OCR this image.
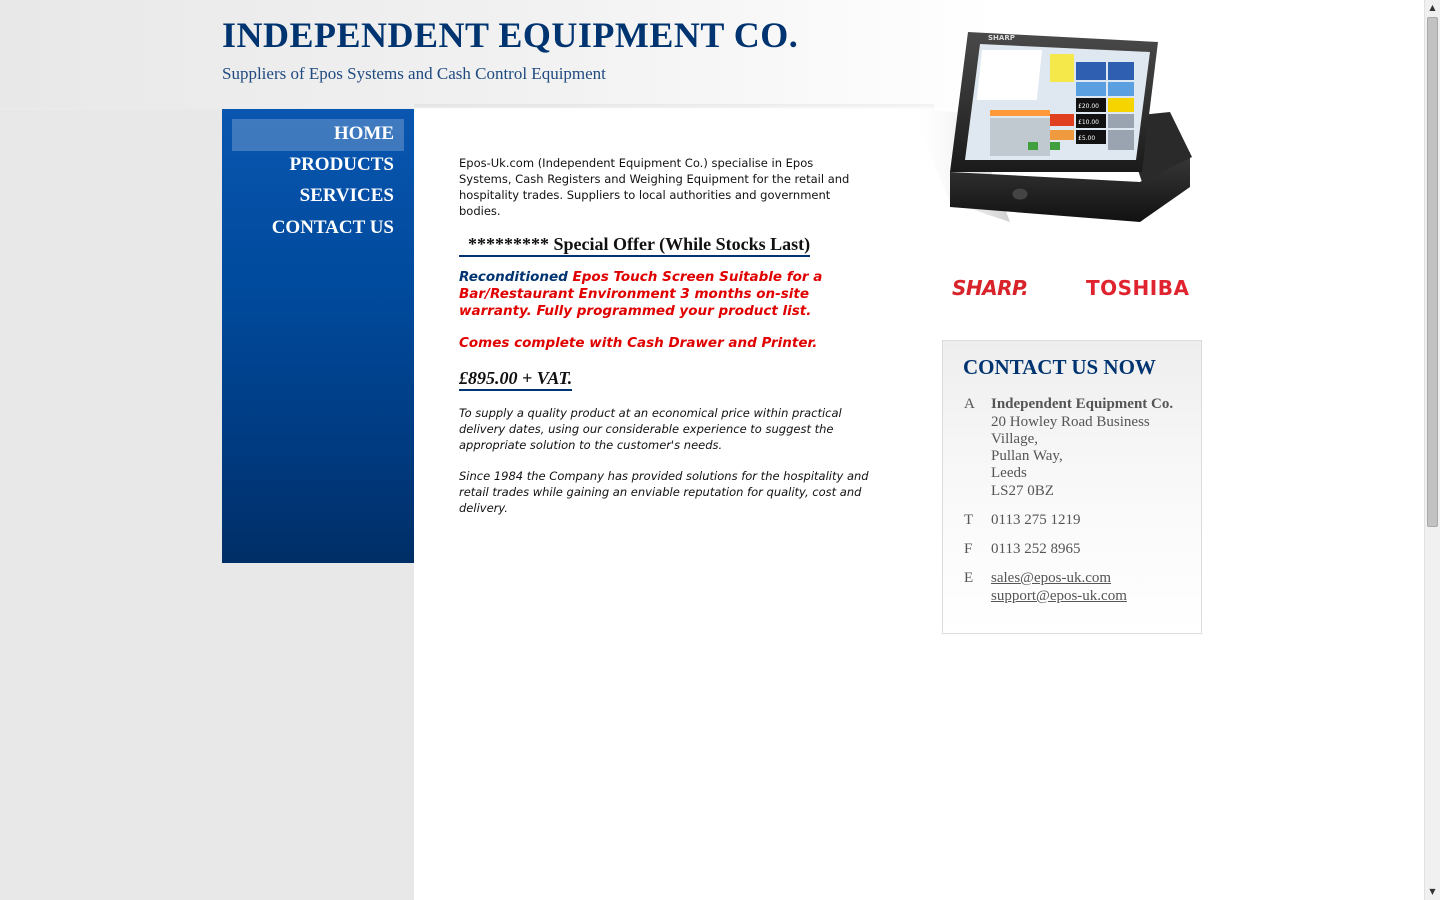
INDEPENDENT EQUIPMENT CO.

Suppliers of Epos Systems and Cash Control Equipment

HOME
PRODUCTS
SERVICES
CONTACT US

Epos-Uk.com (Independent Equipment Co.) specialise in Epos Systems, Cash Registers and Weighing Equipment for the retail and hospitality trades. Suppliers to local authorities and government bodies.

********* Special Offer (While Stocks Last)
Reconditioned Epos Touch Screen Suitable for a Bar/Restaurant Environment 3 months on-site warranty. Fully programmed your product list.
Comes complete with Cash Drawer and Printer.
£895.00 + VAT.

To supply a quality product at an economical price within practical delivery dates, using our considerable experience to suggest the appropriate solution to the customer's needs.

Since 1984 the Company has provided solutions for the hospitality and retail trades while gaining an enviable reputation for quality, cost and delivery.

SHARP
£20.00
£10.00
£5.00
SHARP.	TOSHIBA
CONTACT US NOW
A Independent Equipment Co.
20 Howley Road Business
Village,
Pullan Way,
Leeds
LS27 0BZ
T 0113 275 1219
F 0113 252 8965
E sales@epos-uk.com
support@epos-uk.com
▲
▼
